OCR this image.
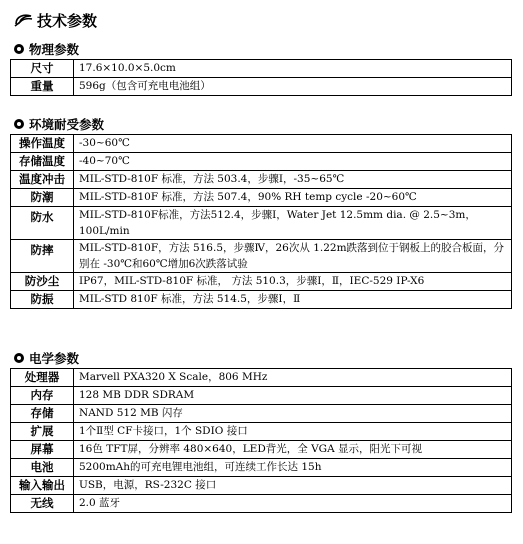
技术参数
物理参数
尺寸	17.6×10.0×5.0cm
重量	596g（包含可充电电池组）
环境耐受参数
操作温度	-30~60℃
存储温度	-40~70℃
温度冲击	MIL-STD-810F 标准，方法 503.4，步骤Ⅰ，-35~65℃
防潮	MIL-STD-810F 标准，方法 507.4，90% RH temp cycle -20~60℃
防水	MIL-STD-810F标准，方法512.4，步骤I，Water Jet 12.5mm dia. @ 2.5~3m，100L/min
防摔	MIL-STD-810F，方法 516.5，步骤Ⅳ，26次从 1.22m跌落到位于钢板上的胶合板面，分别在 -30℃和60℃增加6次跌落试验
防沙尘	IP67，MIL-STD-810F 标准， 方法 510.3，步骤Ⅰ，Ⅱ，IEC-529 IP-X6
防振	MIL-STD 810F 标准，方法 514.5，步骤Ⅰ，Ⅱ
电学参数
处理器	Marvell PXA320 X Scale，806 MHz
内存	128 MB DDR SDRAM
存储	NAND 512 MB 闪存
扩展	1个Ⅱ型 CF卡接口，1个 SDIO 接口
屏幕	16色 TFT屏，分辨率 480×640，LED背光，全 VGA 显示，阳光下可视
电池	5200mAh的可充电锂电池组，可连续工作长达 15h
输入输出	USB，电源，RS-232C 接口
无线	2.0 蓝牙
